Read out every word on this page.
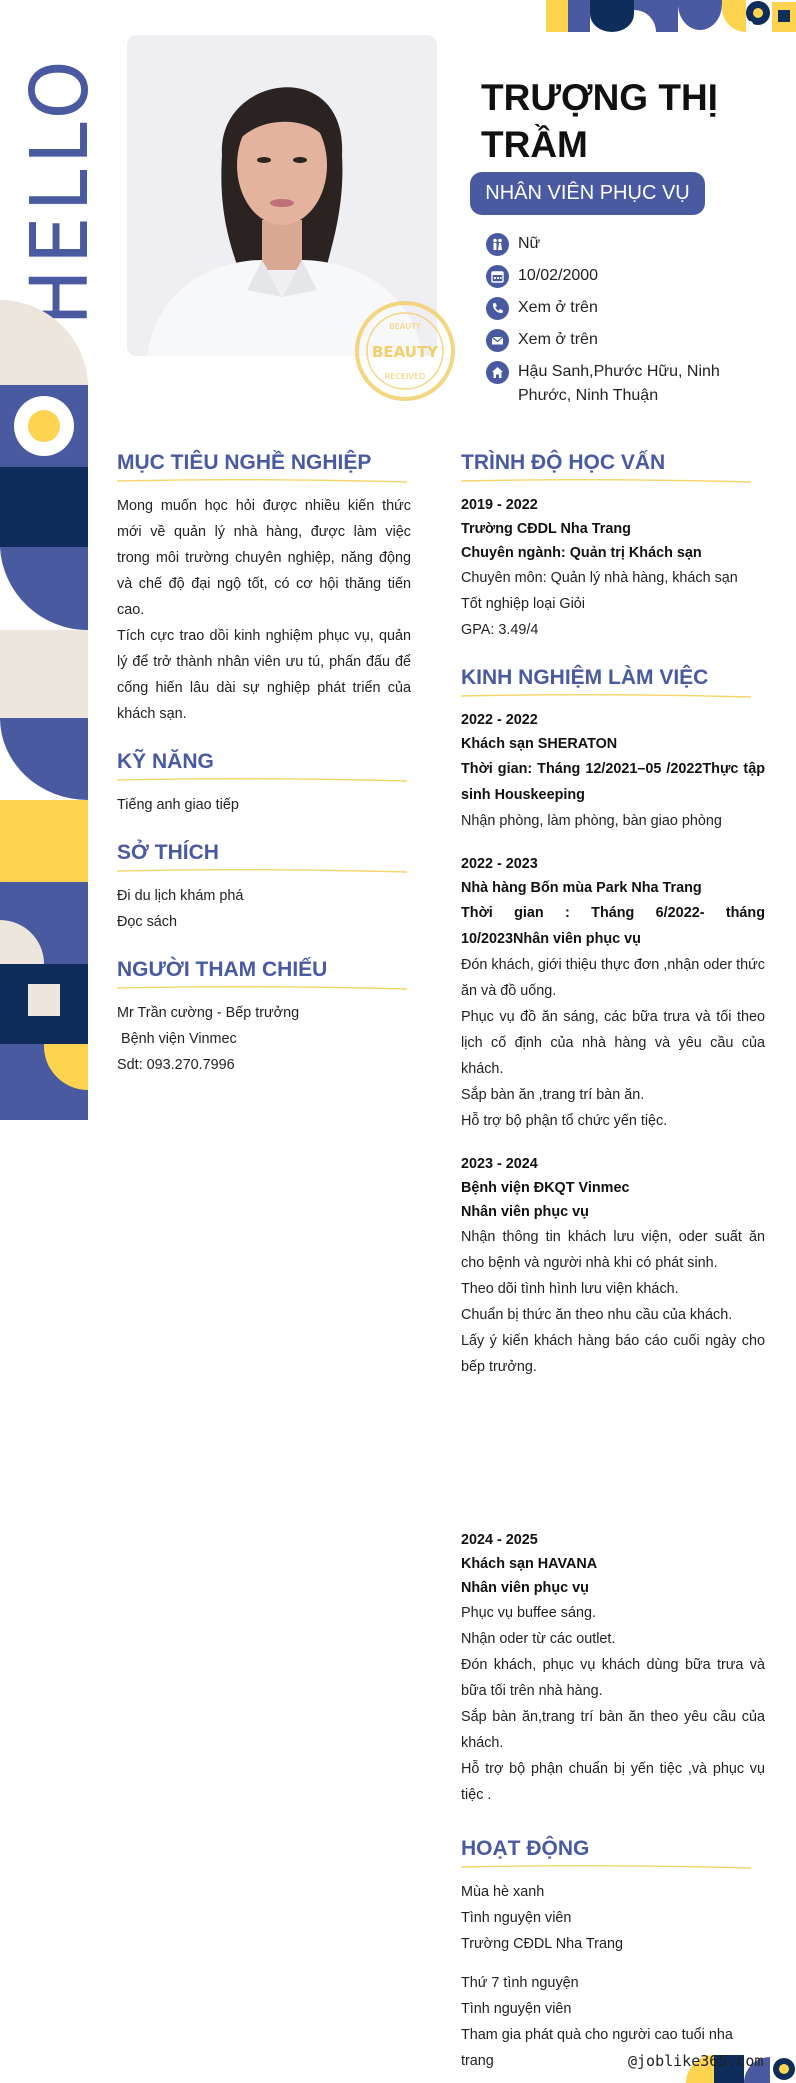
HELLO
BEAUTY
BEAUTY
RECEIVED
TRƯỢNG THỊ TRẦM
NHÂN VIÊN PHỤC VỤ
Nữ
10/02/2000
Xem ở trên
Xem ở trên
Hậu Sanh,Phước Hữu, Ninh Phước, Ninh Thuận
MỤC TIÊU NGHỀ NGHIỆP

Mong muốn học hỏi được nhiều kiến thức mới về quản lý nhà hàng, được làm việc trong môi trường chuyên nghiệp, năng động và chế độ đại ngộ tốt, có cơ hội thăng tiến cao.

Tích cực trao dồi kinh nghiệm phục vụ, quản lý để trở thành nhân viên ưu tú, phấn đấu để cống hiến lâu dài sự nghiệp phát triển của khách sạn.

KỸ NĂNG
Tiếng anh giao tiếp
SỞ THÍCH
Đi du lịch khám phá
Đọc sách
NGƯỜI THAM CHIẾU
Mr Trần cường - Bếp trưởng
Bệnh viện Vinmec
Sdt: 093.270.7996
TRÌNH ĐỘ HỌC VẤN
2019 - 2022
Trường CĐDL Nha Trang
Chuyên ngành: Quản trị Khách sạn
Chuyên môn: Quản lý nhà hàng, khách sạn
Tốt nghiệp loại Giỏi
GPA: 3.49/4
KINH NGHIỆM LÀM VIỆC
2022 - 2022
Khách sạn SHERATON
Thời gian: Tháng 12/2021–05 /2022Thực tập sinh Houskeeping
Nhận phòng, làm phòng, bàn giao phòng
2022 - 2023
Nhà hàng Bốn mùa Park Nha Trang
Thời gian : Tháng 6/2022- tháng 10/2023Nhân viên phục vụ
Đón khách, giới thiệu thực đơn ,nhận oder thức ăn và đồ uống.
Phục vụ đồ ăn sáng, các bữa trưa và tối theo lịch cố định của nhà hàng và yêu cầu của khách.
Sắp bàn ăn ,trang trí bàn ăn.
Hỗ trợ bộ phận tổ chức yến tiệc.
2023 - 2024
Bệnh viện ĐKQT Vinmec
Nhân viên phục vụ
Nhận thông tin khách lưu viện, oder suất ăn cho bệnh và người nhà khi có phát sinh.
Theo dõi tình hình lưu viện khách.
Chuẩn bị thức ăn theo nhu cầu của khách.
Lấy ý kiến khách hàng báo cáo cuối ngày cho bếp trưởng.
2024 - 2025
Khách sạn HAVANA
Nhân viên phục vụ
Phục vụ buffee sáng.
Nhận oder từ các outlet.
Đón khách, phục vụ khách dùng bữa trưa và bữa tối trên nhà hàng.
Sắp bàn ăn,trang trí bàn ăn theo yêu cầu của khách.
Hỗ trợ bộ phận chuẩn bị yến tiệc ,và phục vụ tiệc .
HOẠT ĐỘNG
Mùa hè xanh
Tình nguyện viên
Trường CĐDL Nha Trang
Thứ 7 tình nguyện
Tình nguyện viên
Tham gia phát quà cho người cao tuổi nha trang	@joblike365.com
